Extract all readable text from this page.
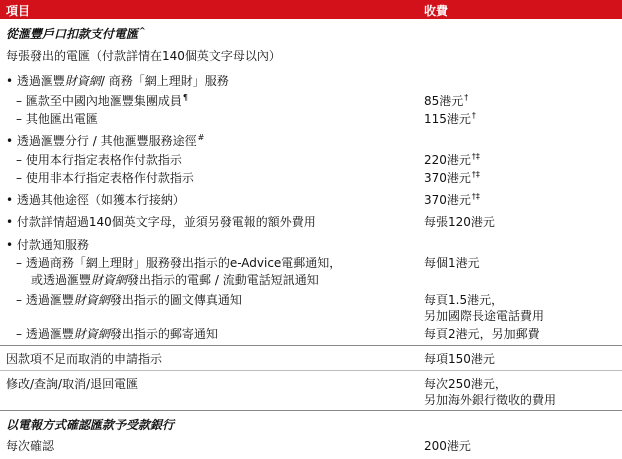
項目	收費
從滙豐戶口扣款支付電匯^
每張發出的電匯（付款詳情在140個英文字母以內）
• 透過滙豐財資網/ 商務「網上理財」服務
– 匯款至中國內地滙豐集團成員¶	85港元†
– 其他匯出電匯	115港元†
• 透過滙豐分行 / 其他滙豐服務途徑#
– 使用本行指定表格作付款指示	220港元†‡
– 使用非本行指定表格作付款指示	370港元†‡
• 透過其他途徑（如獲本行接納）	370港元†‡
• 付款詳情超過140個英文字母，並須另發電報的額外費用	每張120港元
• 付款通知服務
– 透過商務「網上理財」服務發出指示的e-Advice電郵通知，	每個1港元
或透過滙豐財資網發出指示的電郵 / 流動電話短訊通知
– 透過滙豐財資網發出指示的圖文傳真通知	每頁1.5港元，
另加國際長途電話費用
– 透過滙豐財資網發出指示的郵寄通知	每頁2港元，另加郵費
因款項不足而取消的申請指示	每項150港元
修改/查詢/取消/退回電匯	每次250港元，
另加海外銀行徵收的費用
以電報方式確認匯款予受款銀行
每次確認	200港元
